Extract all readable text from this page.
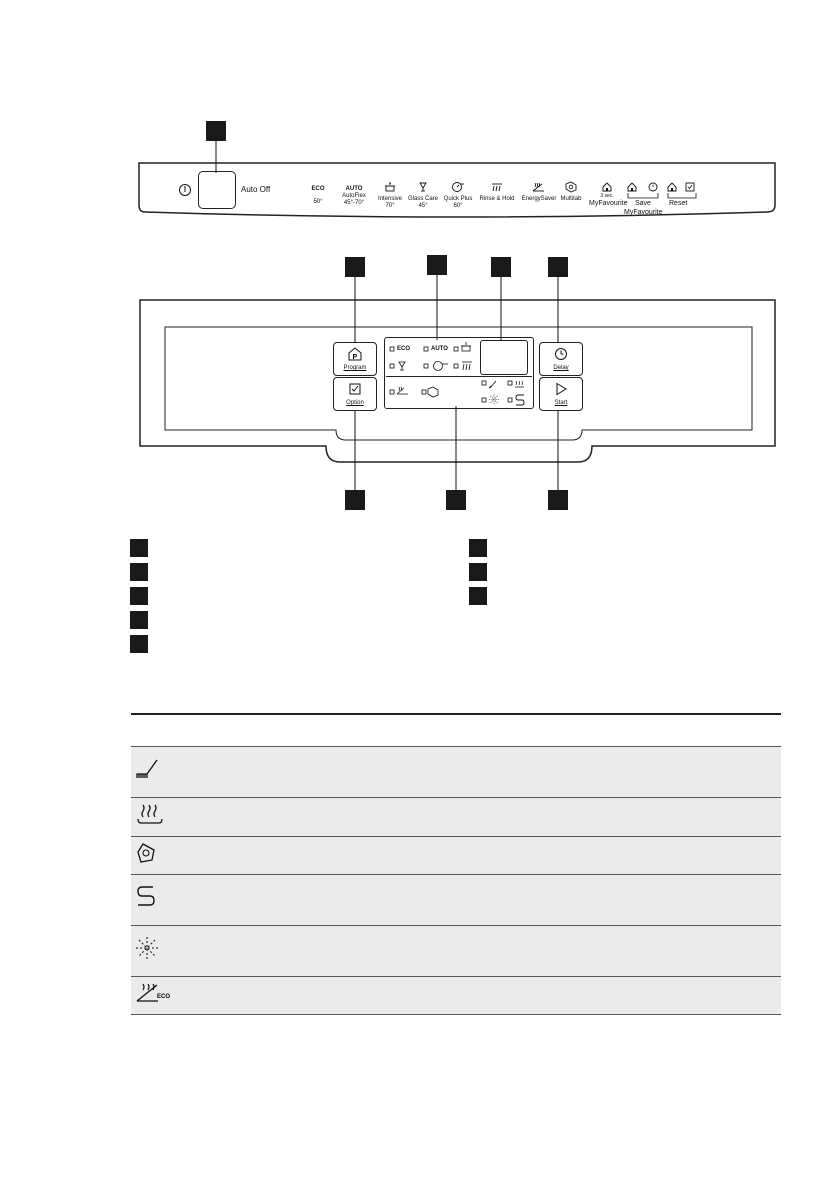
Auto Off	ECO
50°
AUTO
AutoFlex
45°-70°
Intensive
70°
Glass Care
45°
Quick Plus
60°
Rinse & Hold	EnergySaver Multitab	3 sec.
MyFavourite Save
MyFavourite
Reset
P
Program
Option
Delay
Start
ECO	AUTO

ECO	
